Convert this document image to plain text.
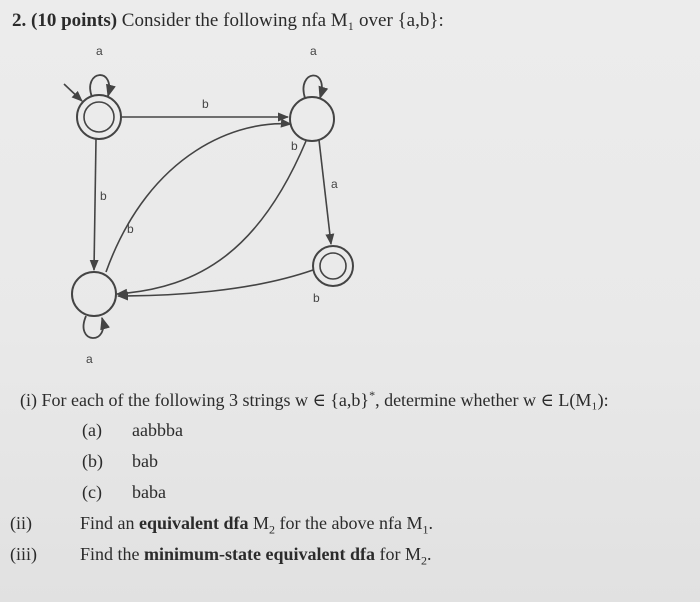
2. (10 points) Consider the following nfa M₁ over {a,b}:
a	a
a
b
b
a
b
b
b
(i) For each of the following 3 strings w ∈ {a,b}*, determine whether w ∈ L(M₁):
(a) aabbba
(b) bab
(c) baba
(ii)	Find an equivalent dfa $M_2$ for the above nfa $M_1$.
(iii) Find the minimum-state equivalent dfa for $M_2$.
